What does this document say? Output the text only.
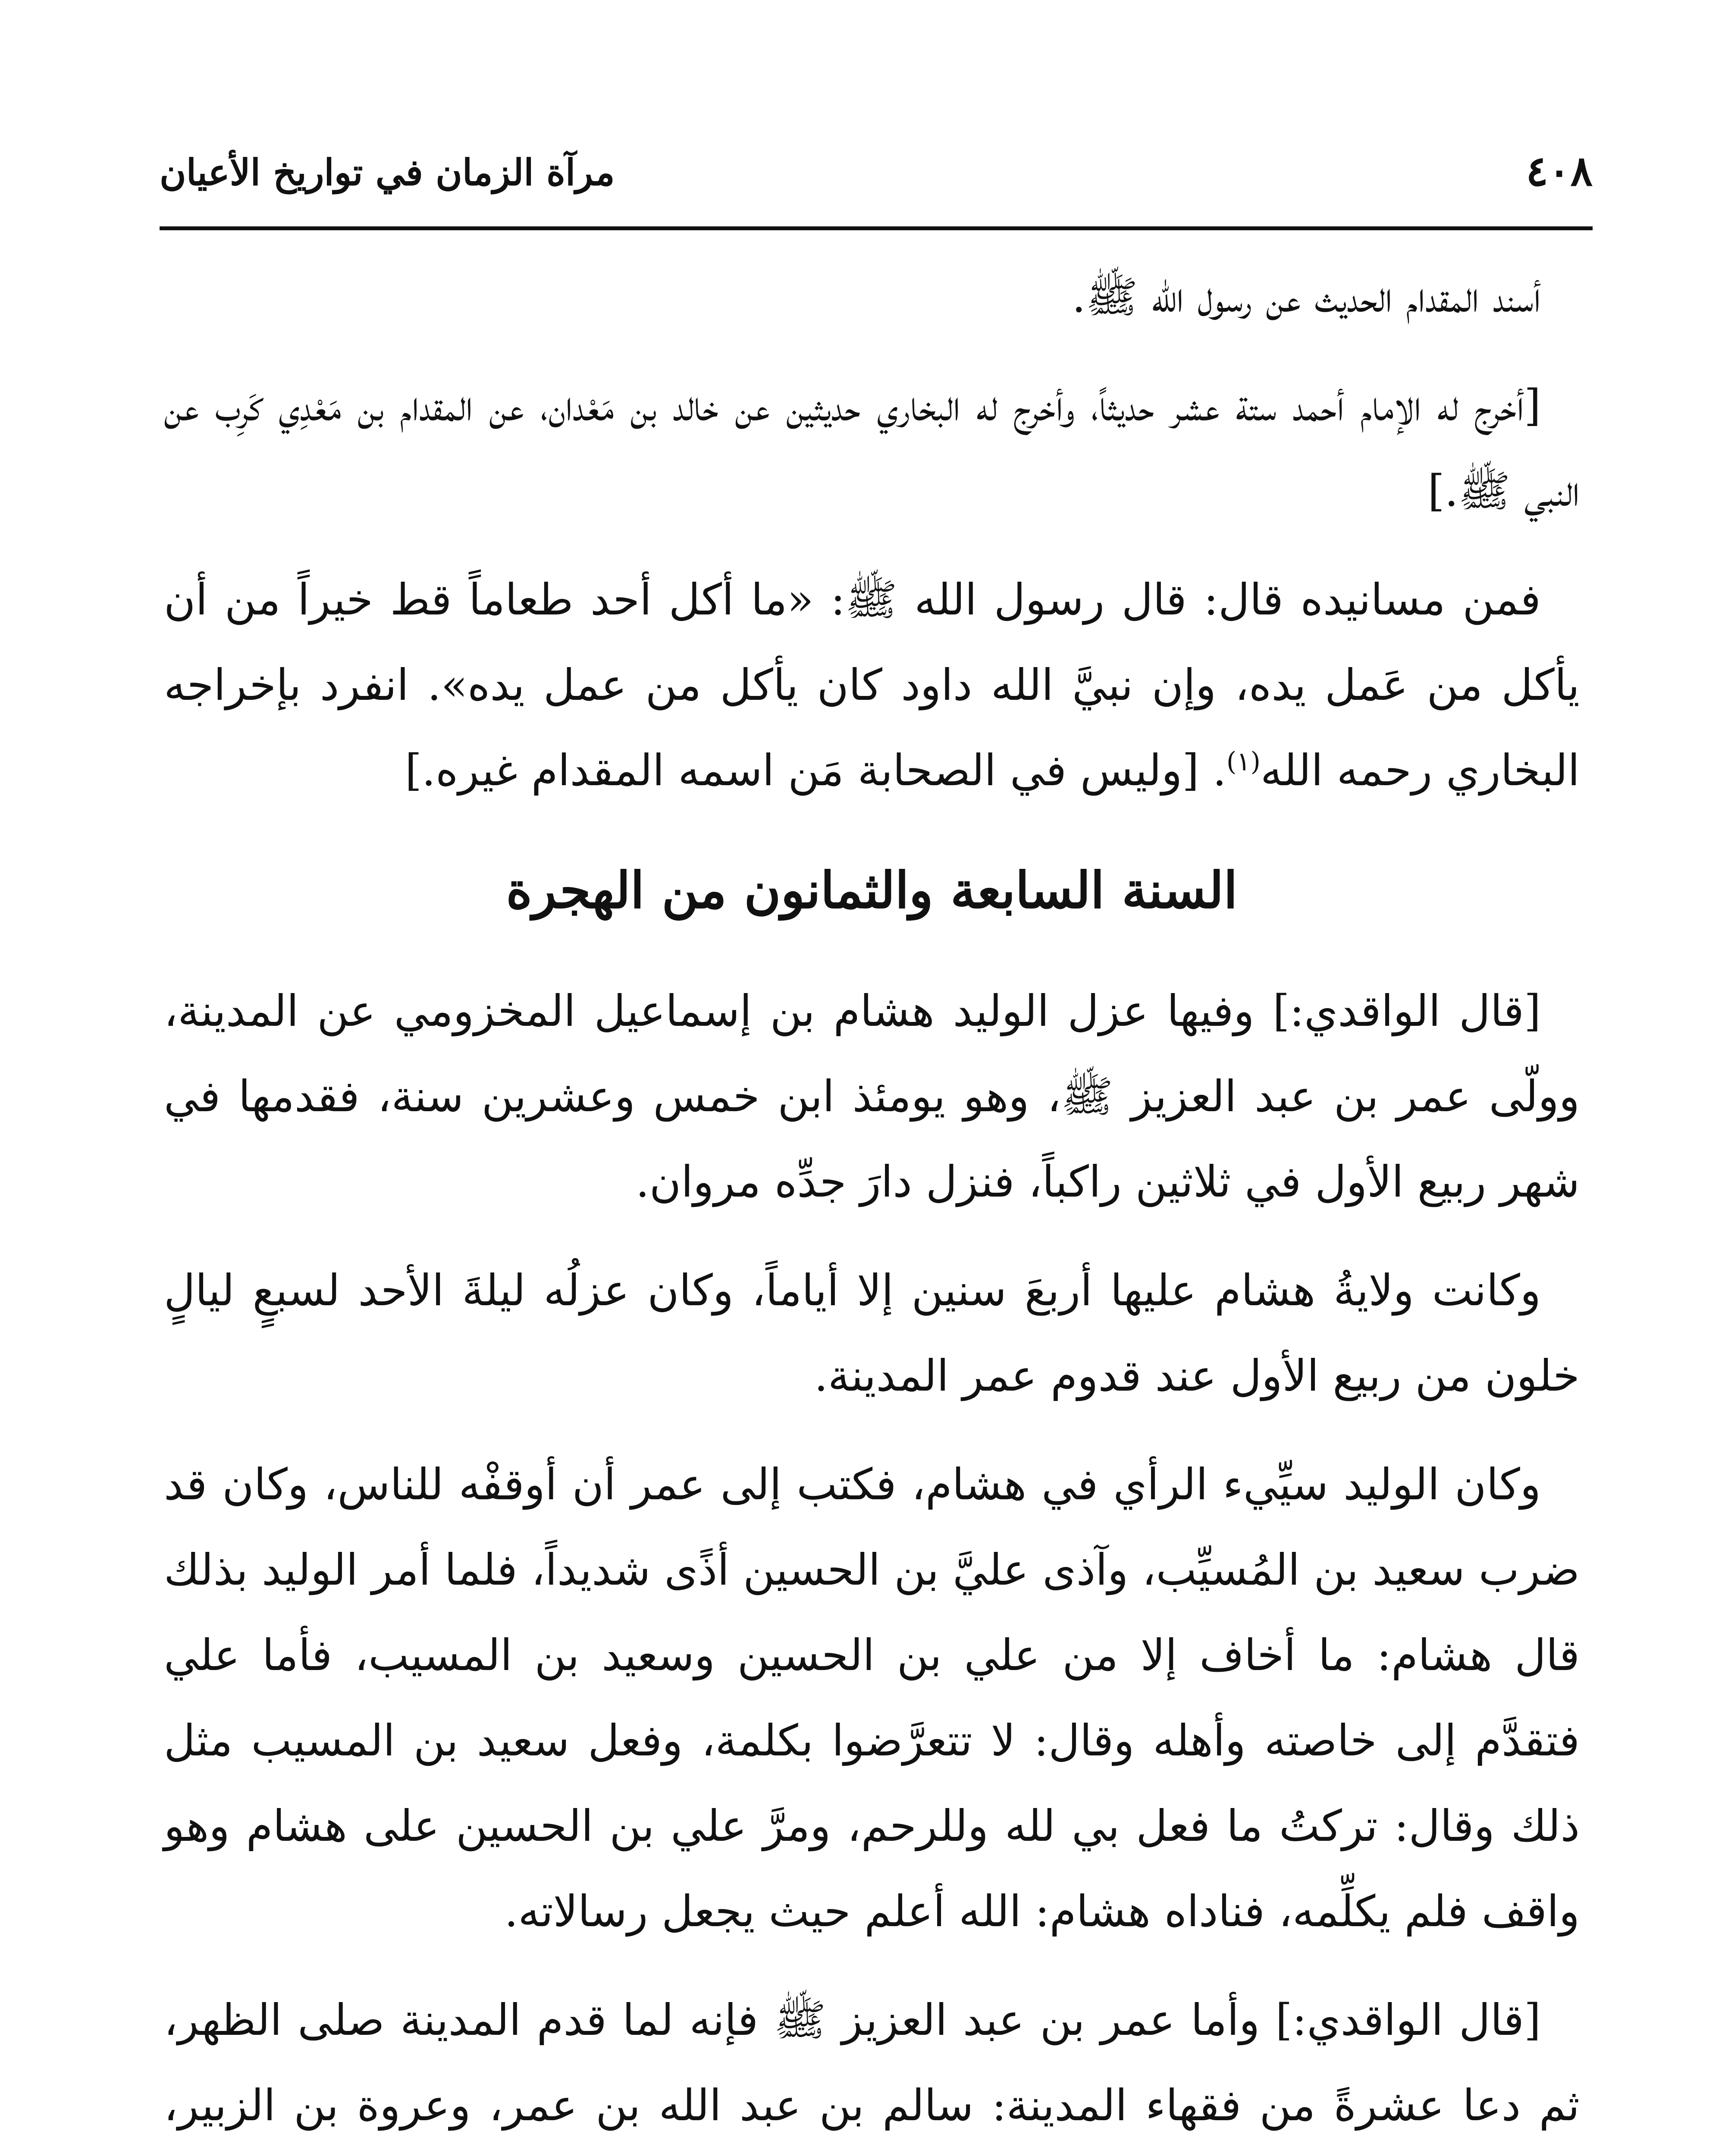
٤٠٨
مرآة الزمان في تواريخ الأعيان

أسند المقدام الحديث عن رسول الله ﷺ.

[أخرج له الإمام أحمد ستة عشر حديثاً، وأخرج له البخاري حديثين عن خالد بن مَعْدان، عن المقدام بن مَعْدِي كَرِب عن النبي ﷺ.]

فمن مسانيده قال: قال رسول الله ﷺ: «ما أكل أحد طعاماً قط خيراً من أن يأكل من عَمل يده، وإن نبيَّ الله داود كان يأكل من عمل يده». انفرد بإخراجه البخاري رحمه الله$^{(١)}$. [وليس في الصحابة مَن اسمه المقدام غيره.]

السنة السابعة والثمانون من الهجرة

[قال الواقدي:] وفيها عزل الوليد هشام بن إسماعيل المخزومي عن المدينة، وولّى عمر بن عبد العزيز ﷺ، وهو يومئذ ابن خمس وعشرين سنة، فقدمها في شهر ربيع الأول في ثلاثين راكباً، فنزل دارَ جدِّه مروان.

وكانت ولايةُ هشام عليها أربعَ سنين إلا أياماً، وكان عزلُه ليلةَ الأحد لسبعٍ ليالٍ خلون من ربيع الأول عند قدوم عمر المدينة.

وكان الوليد سيِّيء الرأي في هشام، فكتب إلى عمر أن أوقفْه للناس، وكان قد ضرب سعيد بن المُسيِّب، وآذى عليَّ بن الحسين أذًى شديداً، فلما أمر الوليد بذلك قال هشام: ما أخاف إلا من علي بن الحسين وسعيد بن المسيب، فأما علي فتقدَّم إلى خاصته وأهله وقال: لا تتعرَّضوا بكلمة، وفعل سعيد بن المسيب مثل ذلك وقال: تركتُ ما فعل بي لله وللرحم، ومرَّ علي بن الحسين على هشام وهو واقف فلم يكلِّمه، فناداه هشام: الله أعلم حيث يجعل رسالاته.

[قال الواقدي:] وأما عمر بن عبد العزيز ﷺ فإنه لما قدم المدينة صلى الظهر، ثم دعا عشرةً من فقهاء المدينة: سالم بن عبد الله بن عمر، وعروة بن الزبير،
